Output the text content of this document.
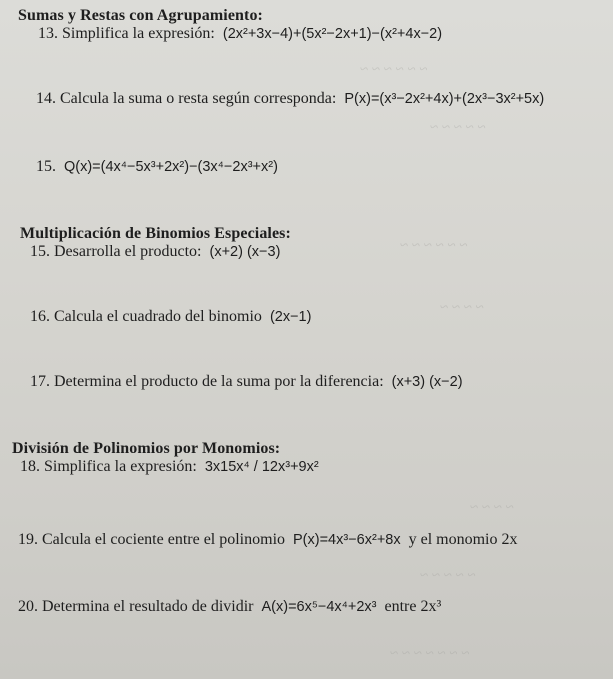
~ ~ ~ ~ ~ ~
~ ~ ~ ~ ~
~ ~ ~ ~ ~ ~
~ ~ ~ ~
~ ~ ~ ~
~ ~ ~ ~ ~
~ ~ ~ ~ ~ ~ ~
Sumas y Restas con Agrupamiento:
13. Simplifica la expresión: (2x²+3x−4)+(5x²−2x+1)−(x²+4x−2)
14. Calcula la suma o resta según corresponda: P(x)=(x³−2x²+4x)+(2x³−3x²+5x)
15. Q(x)=(4x⁴−5x³+2x²)−(3x⁴−2x³+x²)
Multiplicación de Binomios Especiales:
15. Desarrolla el producto: (x+2) (x−3)
16. Calcula el cuadrado del binomio (2x−1)
17. Determina el producto de la suma por la diferencia: (x+3) (x−2)
División de Polinomios por Monomios:
18. Simplifica la expresión: 3x15x⁴ / 12x³+9x²
19. Calcula el cociente entre el polinomio P(x)=4x³−6x²+8x y el monomio 2x
20. Determina el resultado de dividir A(x)=6x⁵−4x⁴+2x³ entre 2x³
